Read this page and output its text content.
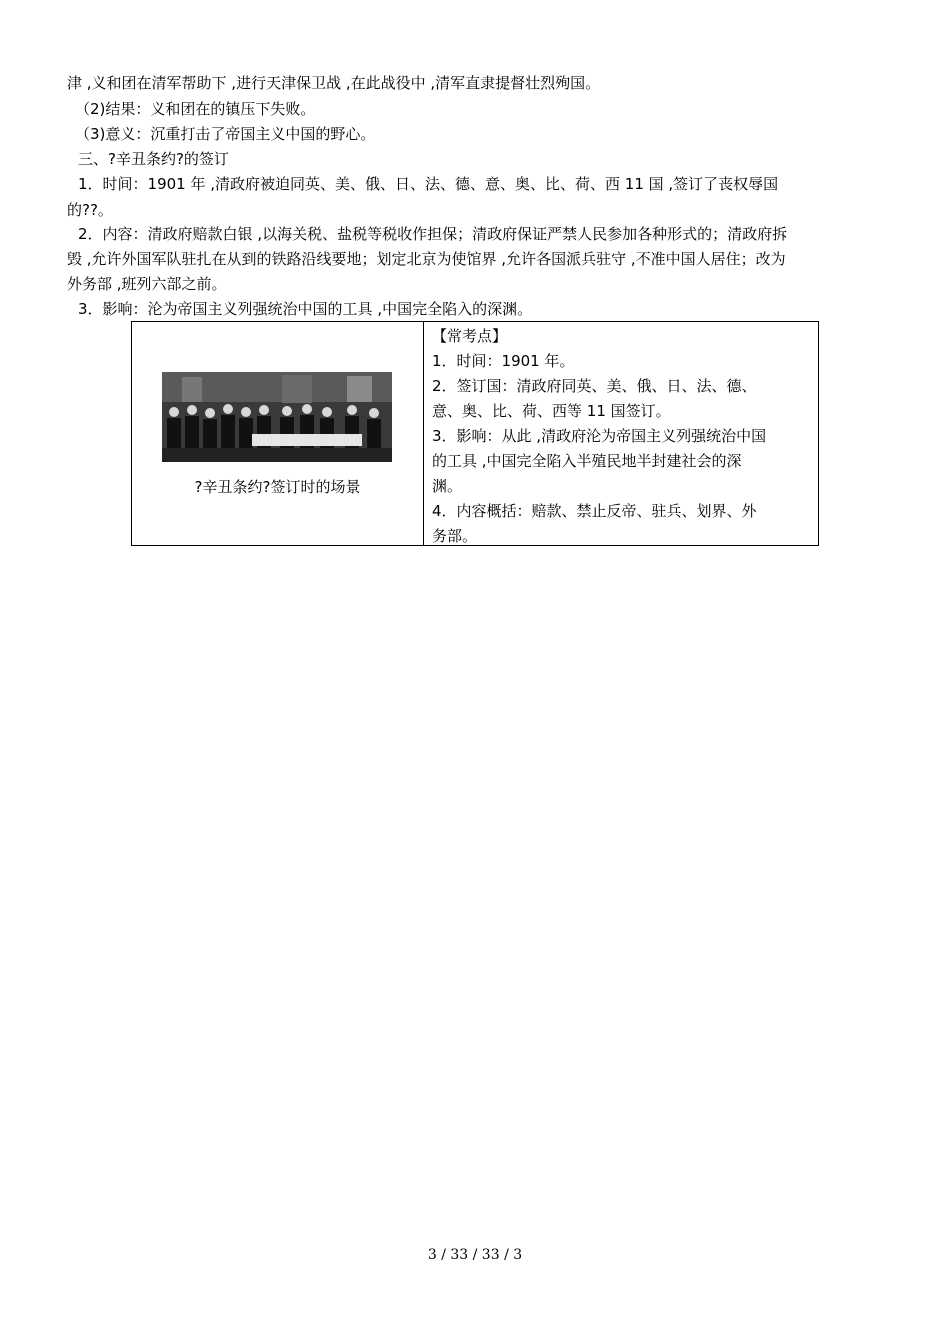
津 ,义和团在清军帮助下 ,进行天津保卫战 ,在此战役中 ,清军直隶提督壮烈殉国。
（2)结果：义和团在的镇压下失败。
（3)意义：沉重打击了帝国主义中国的野心。
三、?辛丑条约?的签订
1．时间：1901 年 ,清政府被迫同英、美、俄、日、法、德、意、奥、比、荷、西 11 国 ,签订了丧权辱国
的??。
2．内容：清政府赔款白银 ,以海关税、盐税等税收作担保；清政府保证严禁人民参加各种形式的；清政府拆
毁 ,允许外国军队驻扎在从到的铁路沿线要地；划定北京为使馆界 ,允许各国派兵驻守 ,不准中国人居住；改为
外务部 ,班列六部之前。
3．影响：沦为帝国主义列强统治中国的工具 ,中国完全陷入的深渊。
?辛丑条约?签订时的场景
【常考点】
1．时间：1901 年。
2．签订国：清政府同英、美、俄、日、法、德、
意、奥、比、荷、西等 11 国签订。
3．影响：从此 ,清政府沦为帝国主义列强统治中国
的工具 ,中国完全陷入半殖民地半封建社会的深
渊。
4．内容概括：赔款、禁止反帝、驻兵、划界、外
务部。
3 / 33 / 33 / 3
